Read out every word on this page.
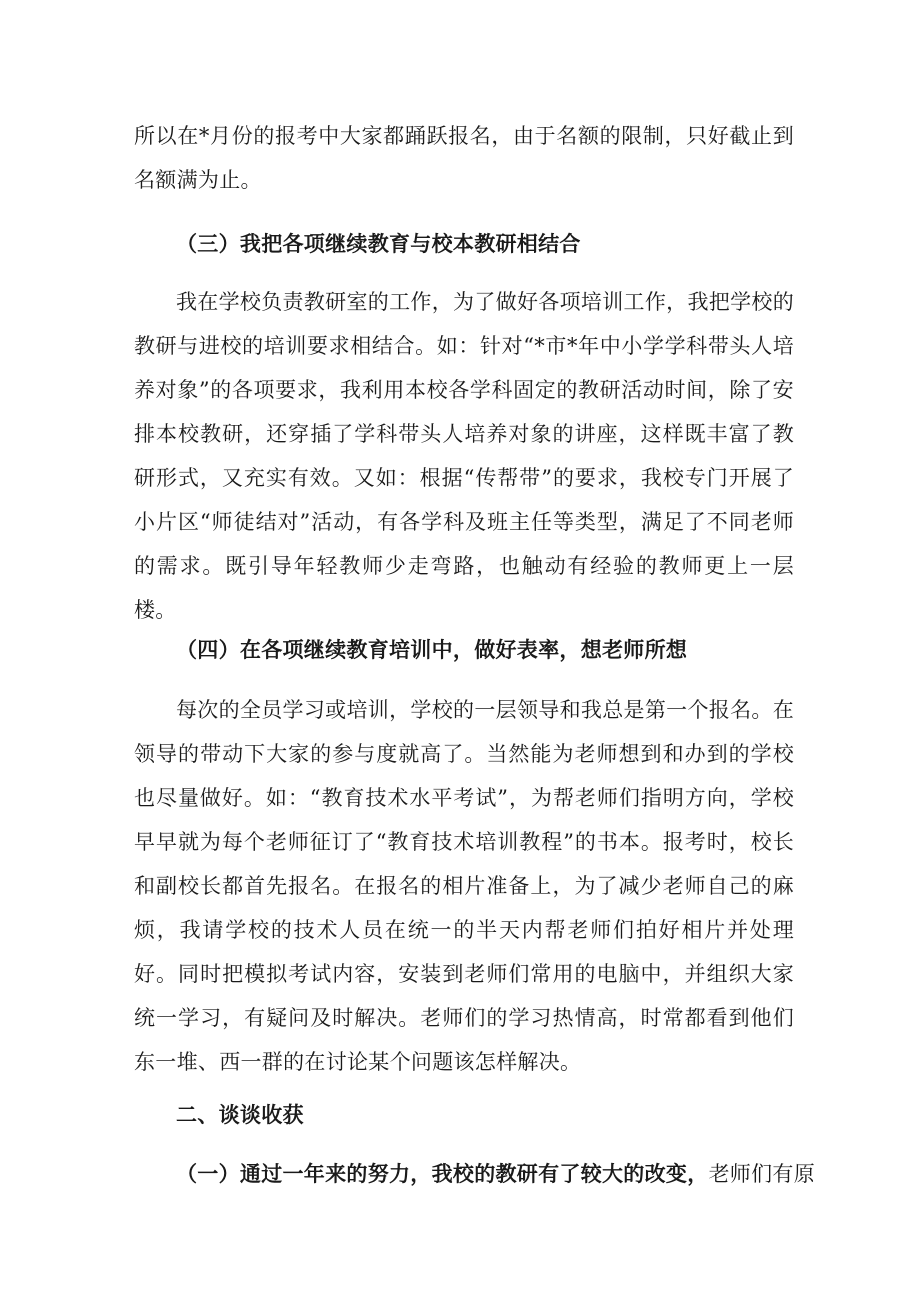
所以在*月份的报考中大家都踊跃报名，由于名额的限制，只好截止到名额满为止。

（三）我把各项继续教育与校本教研相结合

我在学校负责教研室的工作，为了做好各项培训工作，我把学校的教研与进校的培训要求相结合。如：针对“*市*年中小学学科带头人培养对象”的各项要求，我利用本校各学科固定的教研活动时间，除了安排本校教研，还穿插了学科带头人培养对象的讲座，这样既丰富了教研形式，又充实有效。又如：根据“传帮带”的要求，我校专门开展了小片区“师徒结对”活动，有各学科及班主任等类型，满足了不同老师的需求。既引导年轻教师少走弯路，也触动有经验的教师更上一层楼。

（四）在各项继续教育培训中，做好表率，想老师所想

每次的全员学习或培训，学校的一层领导和我总是第一个报名。在领导的带动下大家的参与度就高了。当然能为老师想到和办到的学校也尽量做好。如：“教育技术水平考试”，为帮老师们指明方向，学校早早就为每个老师征订了“教育技术培训教程”的书本。报考时，校长和副校长都首先报名。在报名的相片准备上，为了减少老师自己的麻烦，我请学校的技术人员在统一的半天内帮老师们拍好相片并处理好。同时把模拟考试内容，安装到老师们常用的电脑中，并组织大家统一学习，有疑问及时解决。老师们的学习热情高，时常都看到他们东一堆、西一群的在讨论某个问题该怎样解决。

二、谈谈收获

（一）通过一年来的努力，我校的教研有了较大的改变，老师们有原
